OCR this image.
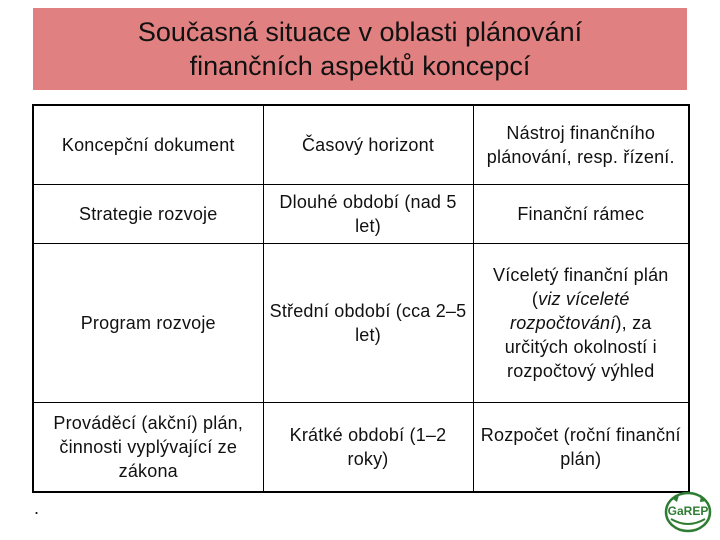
Současná situace v oblasti plánování
finančních aspektů koncepcí
Koncepční dokument	Časový horizont	Nástroj finančního plánování, resp. řízení.
Strategie rozvoje	Dlouhé období (nad 5 let)	Finanční rámec
Program rozvoje	Střední období (cca 2–5 let)	Víceletý finanční plán (viz víceleté rozpočtování), za určitých okolností i rozpočtový výhled
Prováděcí (akční) plán, činnosti vyplývající ze zákona	Krátké období (1–2 roky)	Rozpočet (roční finanční plán)
.	GaREP
